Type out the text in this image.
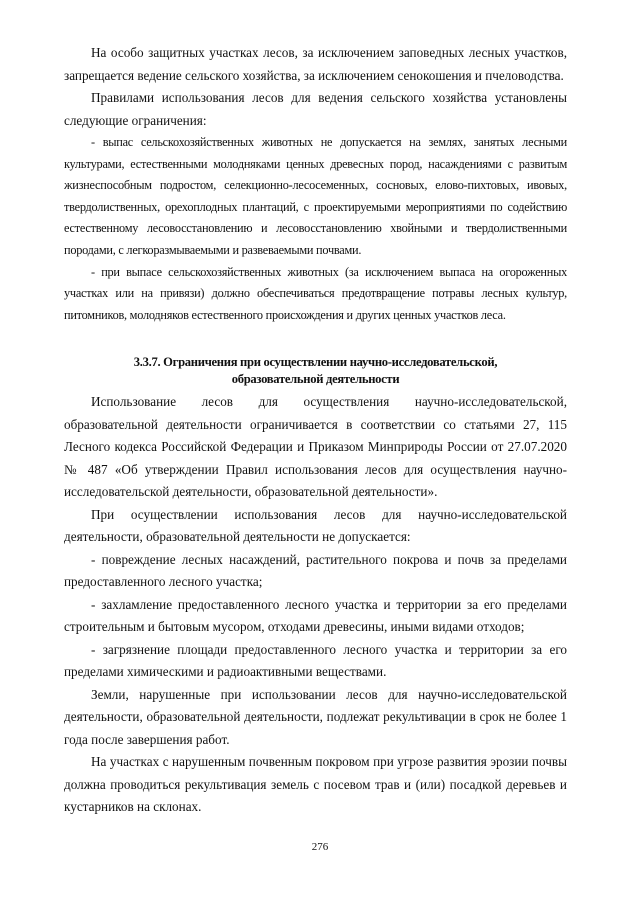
На особо защитных участках лесов, за исключением заповедных лесных участков, запрещается ведение сельского хозяйства, за исключением сенокошения и пчеловодства.

Правилами использования лесов для ведения сельского хозяйства установлены следующие ограничения:

- выпас сельскохозяйственных животных не допускается на землях, занятых лесными культурами, естественными молодняками ценных древесных пород, насаждениями с развитым жизнеспособным подростом, селекционно-лесосеменных, сосновых, елово-пихтовых, ивовых, твердолиственных, орехоплодных плантаций, с проектируемыми мероприятиями по содействию естественному лесовосстановлению и лесовосстановлению хвойными и твердолиственными породами, с легкоразмываемыми и развеваемыми почвами.

- при выпасе сельскохозяйственных животных (за исключением выпаса на огороженных участках или на привязи) должно обеспечиваться предотвращение потравы лесных культур, питомников, молодняков естественного происхождения и других ценных участков леса.

3.3.7. Ограничения при осуществлении научно-исследовательской,
образовательной деятельности

Использование лесов для осуществления научно-исследовательской, образовательной деятельности ограничивается в соответствии со статьями 27, 115 Лесного кодекса Российской Федерации и Приказом Минприроды России от 27.07.2020 № 487 «Об утверждении Правил использования лесов для осуществления научно-исследовательской деятельности, образовательной деятельности».

При осуществлении использования лесов для научно-исследовательской деятельности, образовательной деятельности не допускается:

- повреждение лесных насаждений, растительного покрова и почв за пределами предоставленного лесного участка;

- захламление предоставленного лесного участка и территории за его пределами строительным и бытовым мусором, отходами древесины, иными видами отходов;

- загрязнение площади предоставленного лесного участка и территории за его пределами химическими и радиоактивными веществами.

Земли, нарушенные при использовании лесов для научно-исследовательской деятельности, образовательной деятельности, подлежат рекультивации в срок не более 1 года после завершения работ.

На участках с нарушенным почвенным покровом при угрозе развития эрозии почвы должна проводиться рекультивация земель с посевом трав и (или) посадкой деревьев и кустарников на склонах.

276
